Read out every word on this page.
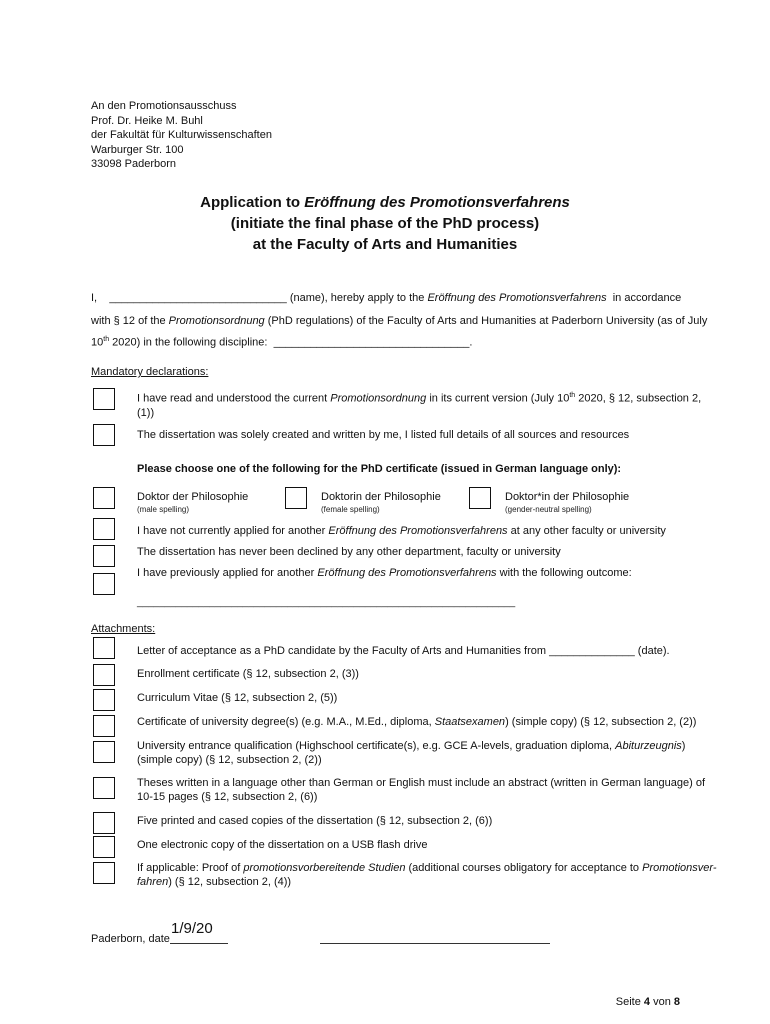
An den Promotionsausschuss
Prof. Dr. Heike M. Buhl
der Fakultät für Kulturwissenschaften
Warburger Str. 100
33098 Paderborn
Application to Eröffnung des Promotionsverfahrens
(initiate the final phase of the PhD process)
at the Faculty of Arts and Humanities
I, _____________________________ (name), hereby apply to the Eröffnung des Promotionsverfahrens in accordance
with § 12 of the Promotionsordnung (PhD regulations) of the Faculty of Arts and Humanities at Paderborn University (as of July
10th 2020) in the following discipline: ________________________________.
Mandatory declarations:
I have read and understood the current Promotionsordnung in its current version (July 10th 2020, § 12, subsection 2,
(1))
The dissertation was solely created and written by me, I listed full details of all sources and resources
Please choose one of the following for the PhD certificate (issued in German language only):
Doktor der Philosophie
(male spelling)
Doktorin der Philosophie
(female spelling)
Doktor*in der Philosophie
(gender-neutral spelling)
I have not currently applied for another Eröffnung des Promotionsverfahrens at any other faculty or university
The dissertation has never been declined by any other department, faculty or university
I have previously applied for another Eröffnung des Promotionsverfahrens with the following outcome:
____________________________________________________________________
Attachments:
Letter of acceptance as a PhD candidate by the Faculty of Arts and Humanities from ______________ (date).
Enrollment certificate (§ 12, subsection 2, (3))
Curriculum Vitae (§ 12, subsection 2, (5))
Certificate of university degree(s) (e.g. M.A., M.Ed., diploma, Staatsexamen) (simple copy) (§ 12, subsection 2, (2))
University entrance qualification (Highschool certificate(s), e.g. GCE A-levels, graduation diploma, Abiturzeugnis)
(simple copy) (§ 12, subsection 2, (2))
Theses written in a language other than German or English must include an abstract (written in German language) of
10-15 pages (§ 12, subsection 2, (6))
Five printed and cased copies of the dissertation (§ 12, subsection 2, (6))
One electronic copy of the dissertation on a USB flash drive
If applicable: Proof of promotionsvorbereitende Studien (additional courses obligatory for acceptance to Promotionsver-
fahren) (§ 12, subsection 2, (4))
Paderborn, date
1/9/20
Seite 4 von 8
